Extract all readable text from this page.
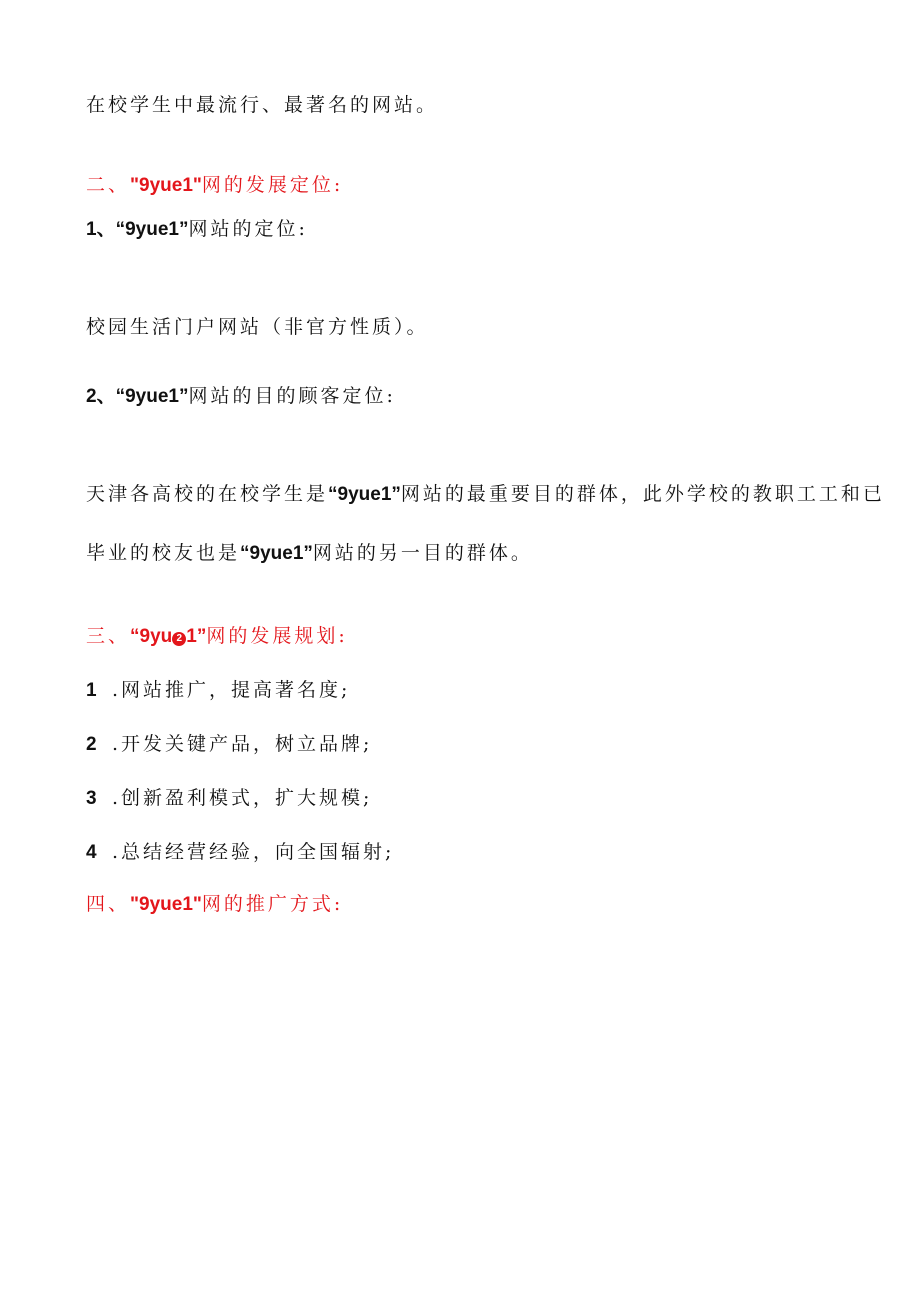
在校学生中最流行、最著名的网站。
二、"9yue1"网的发展定位:
1、“9yue1”网站的定位:
校园生活门户网站（非官方性质）。
2、“9yue1”网站的目的顾客定位:
天津各高校的在校学生是“9yue1”网站的最重要目的群体，此外学校的教职工工和已
毕业的校友也是“9yue1”网站的另一目的群体。
三、“9yu 2 1”网的发展规划:
1 .网站推广，提高著名度;
2 .开发关键产品，树立品牌;
3 .创新盈利模式，扩大规模;
4 .总结经营经验，向全国辐射;
四、"9yue1"网的推广方式:
